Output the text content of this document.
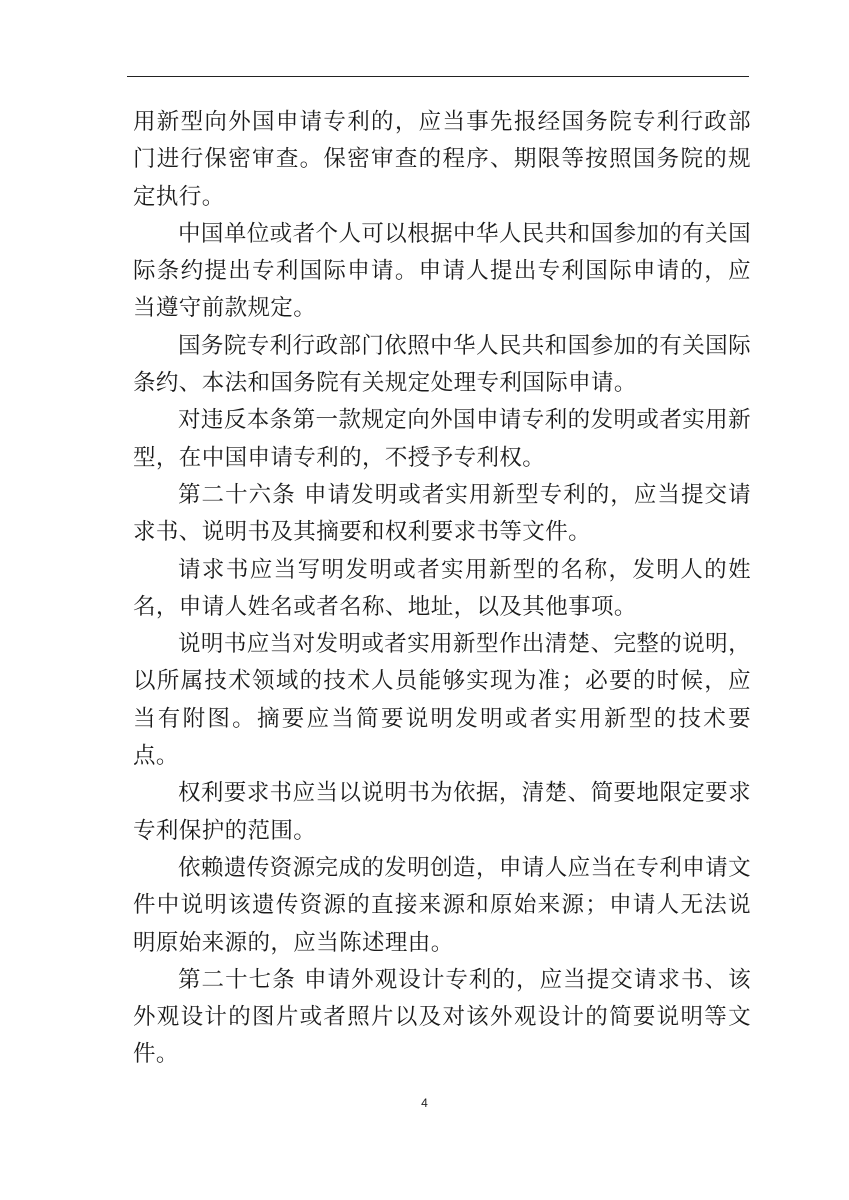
用新型向外国申请专利的，应当事先报经国务院专利行政部门进行保密审查。保密审查的程序、期限等按照国务院的规定执行。

中国单位或者个人可以根据中华人民共和国参加的有关国际条约提出专利国际申请。申请人提出专利国际申请的，应当遵守前款规定。

国务院专利行政部门依照中华人民共和国参加的有关国际条约、本法和国务院有关规定处理专利国际申请。

对违反本条第一款规定向外国申请专利的发明或者实用新型，在中国申请专利的，不授予专利权。

第二十六条 申请发明或者实用新型专利的，应当提交请求书、说明书及其摘要和权利要求书等文件。

请求书应当写明发明或者实用新型的名称，发明人的姓名，申请人姓名或者名称、地址，以及其他事项。

说明书应当对发明或者实用新型作出清楚、完整的说明，以所属技术领域的技术人员能够实现为准；必要的时候，应当有附图。摘要应当简要说明发明或者实用新型的技术要点。

权利要求书应当以说明书为依据，清楚、简要地限定要求专利保护的范围。

依赖遗传资源完成的发明创造，申请人应当在专利申请文件中说明该遗传资源的直接来源和原始来源；申请人无法说明原始来源的，应当陈述理由。

第二十七条 申请外观设计专利的，应当提交请求书、该外观设计的图片或者照片以及对该外观设计的简要说明等文件。

4
